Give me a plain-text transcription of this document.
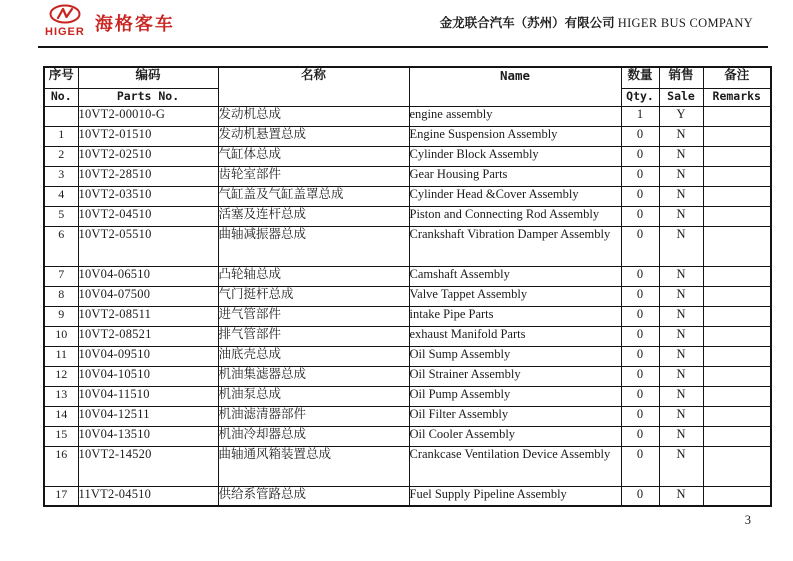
HIGER 海格客车	金龙联合汽车（苏州）有限公司 HIGER BUS COMPANY
序号	编码	名称	Name	数量	销售	备注
No.	Parts No.			Qty.	Sale	Remarks
	10VT2-00010-G	发动机总成	engine assembly	1	Y	
1	10VT2-01510	发动机悬置总成	Engine Suspension Assembly	0	N	
2	10VT2-02510	气缸体总成	Cylinder Block Assembly	0	N	
3	10VT2-28510	齿轮室部件	Gear Housing Parts	0	N	
4	10VT2-03510	气缸盖及气缸盖罩总成	Cylinder Head &Cover Assembly	0	N	
5	10VT2-04510	活塞及连杆总成	Piston and Connecting Rod Assembly	0	N	
6	10VT2-05510	曲轴减振器总成	Crankshaft Vibration Damper Assembly	0	N	
7	10V04-06510	凸轮轴总成	Camshaft Assembly	0	N	
8	10V04-07500	气门挺杆总成	Valve Tappet Assembly	0	N	
9	10VT2-08511	进气管部件	intake Pipe Parts	0	N	
10	10VT2-08521	排气管部件	exhaust Manifold Parts	0	N	
11	10V04-09510	油底壳总成	Oil Sump Assembly	0	N	
12	10V04-10510	机油集滤器总成	Oil Strainer Assembly	0	N	
13	10V04-11510	机油泵总成	Oil Pump Assembly	0	N	
14	10V04-12511	机油滤清器部件	Oil Filter Assembly	0	N	
15	10V04-13510	机油冷却器总成	Oil Cooler Assembly	0	N	
16	10VT2-14520	曲轴通风箱装置总成	Crankcase Ventilation Device Assembly	0	N	
17	11VT2-04510	供给系管路总成	Fuel Supply Pipeline Assembly	0	N	
3
